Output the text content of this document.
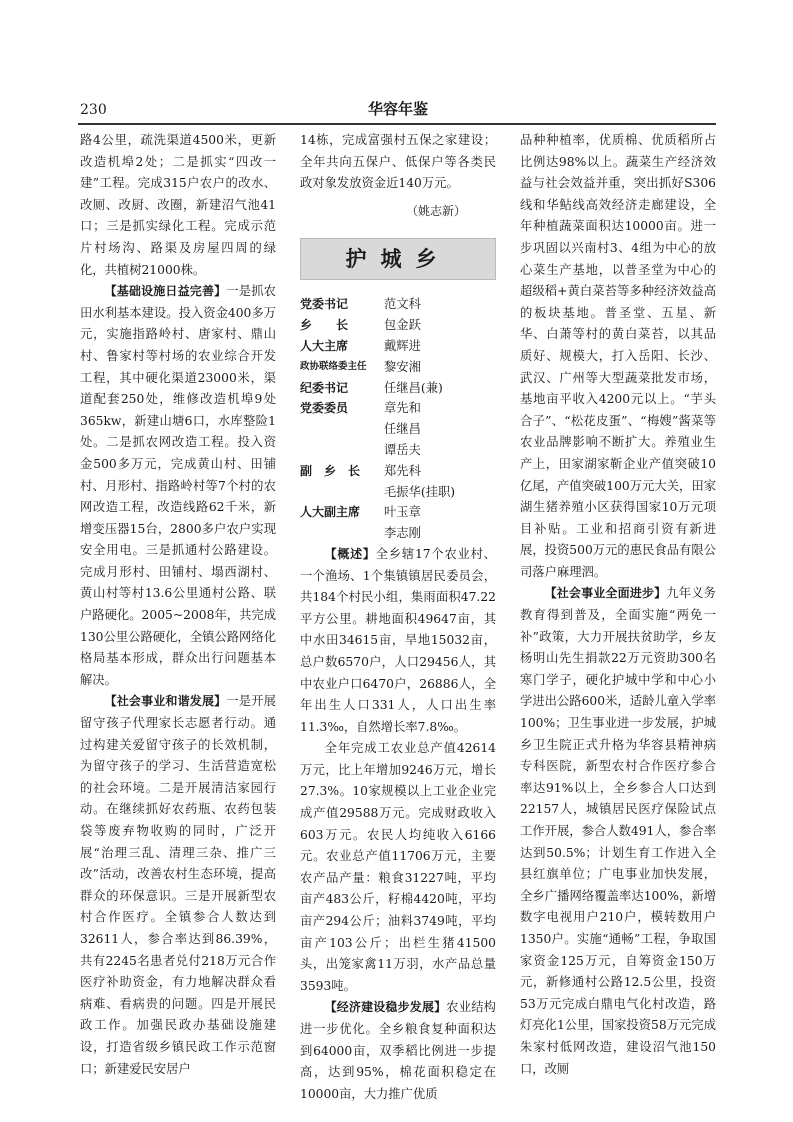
230	华容年鉴

路4公里，疏洗渠道4500米，更新改造机埠2处；二是抓实“四改一建”工程。完成315户农户的改水、改厕、改厨、改圈，新建沼气池41口；三是抓实绿化工程。完成示范片村场沟、路渠及房屋四周的绿化，共植树21000株。

【基础设施日益完善】一是抓农田水利基本建设。投入资金400多万元，实施指路岭村、唐家村、鼎山村、鲁家村等村场的农业综合开发工程，其中硬化渠道23000米，渠道配套250处，维修改造机埠9处365kw，新建山塘6口，水库整险1处。二是抓农网改造工程。投入资金500多万元，完成黄山村、田铺村、月形村、指路岭村等7个村的农网改造工程，改造线路62千米，新增变压器15台，2800多户农户实现安全用电。三是抓通村公路建设。完成月形村、田铺村、塌西湖村、黄山村等村13.6公里通村公路、联户路硬化。2005~2008年，共完成130公里公路硬化，全镇公路网络化格局基本形成，群众出行问题基本解决。

【社会事业和谐发展】一是开展留守孩子代理家长志愿者行动。通过构建关爱留守孩子的长效机制，为留守孩子的学习、生活营造宽松的社会环境。二是开展清洁家园行动。在继续抓好农药瓶、农药包装袋等废弃物收购的同时，广泛开展“治理三乱、清理三杂、推广三改”活动，改善农村生态环境，提高群众的环保意识。三是开展新型农村合作医疗。全镇参合人数达到32611人，参合率达到86.39%，共有2245名患者兑付218万元合作医疗补助资金，有力地解决群众看病难、看病贵的问题。四是开展民政工作。加强民政办基础设施建设，打造省级乡镇民政工作示范窗口；新建爱民安居户

14栋，完成富强村五保之家建设；全年共向五保户、低保户等各类民政对象发放资金近140万元。

（姚志新）
护城乡
党委书记	范文科
乡　　长	包金跃
人大主席	戴辉进
政协联络委主任	黎安湘
纪委书记	任继昌(兼)
党委委员	章先和
任继昌
谭岳夫
副　乡　长	郑先科
毛振华(挂职)
人大副主席	叶玉章
李志刚

【概述】全乡辖17个农业村、一个渔场、1个集镇镇居民委员会，共184个村民小组，集雨面积47.22平方公里。耕地面积49647亩，其中水田34615亩，旱地15032亩，总户数6570户，人口29456人，其中农业户口6470户，26886人，全年出生人口331人，人口出生率11.3‰，自然增长率7.8‰。

全年完成工农业总产值42614万元，比上年增加9246万元，增长27.3%。10家规模以上工业企业完成产值29588万元。完成财政收入603万元。农民人均纯收入6166元。农业总产值11706万元，主要农产品产量：粮食31227吨，平均亩产483公斤，籽棉4420吨，平均亩产294公斤；油料3749吨，平均亩产103公斤；出栏生猪41500头，出笼家禽11万羽，水产品总量3593吨。

【经济建设稳步发展】农业结构进一步优化。全乡粮食复种面积达到64000亩，双季稻比例进一步提高，达到95%，棉花面积稳定在10000亩，大力推广优质

品种种植率，优质棉、优质稻所占比例达98%以上。蔬菜生产经济效益与社会效益并重，突出抓好S306线和华鲇线高效经济走廊建设，全年种植蔬菜面积达10000亩。进一步巩固以兴南村3、4组为中心的放心菜生产基地，以普圣堂为中心的超级稻+黄白菜苔等多种经济效益高的板块基地。普圣堂、五星、新华、白萧等村的黄白菜苔，以其品质好、规模大，打入岳阳、长沙、武汉、广州等大型蔬菜批发市场，基地亩平收入4200元以上。“芋头合子”、“松花皮蛋”、“梅嫂”酱菜等农业品牌影响不断扩大。养殖业生产上，田家湖家靳企业产值突破10亿尾，产值突破100万元大关，田家湖生猪养殖小区获得国家10万元项目补贴。工业和招商引资有新进展，投资500万元的惠民食品有限公司落户麻理泗。

【社会事业全面进步】九年义务教育得到普及，全面实施“两免一补”政策，大力开展扶贫助学，乡友杨明山先生捐款22万元资助300名寒门学子，硬化护城中学和中心小学进出公路600米，适龄儿童入学率100%；卫生事业进一步发展，护城乡卫生院正式升格为华容县精神病专科医院，新型农村合作医疗参合率达91%以上，全乡参合人口达到22157人，城镇居民医疗保险试点工作开展，参合人数491人，参合率达到50.5%；计划生育工作进入全县红旗单位；广电事业加快发展，全乡广播网络覆盖率达100%，新增数字电视用户210户，模转数用户1350户。实施“通畅”工程，争取国家资金125万元，自筹资金150万元，新修通村公路12.5公里，投资53万元完成白鼎电气化村改造，路灯亮化1公里，国家投资58万元完成朱家村低网改造，建设沼气池150口，改厕
